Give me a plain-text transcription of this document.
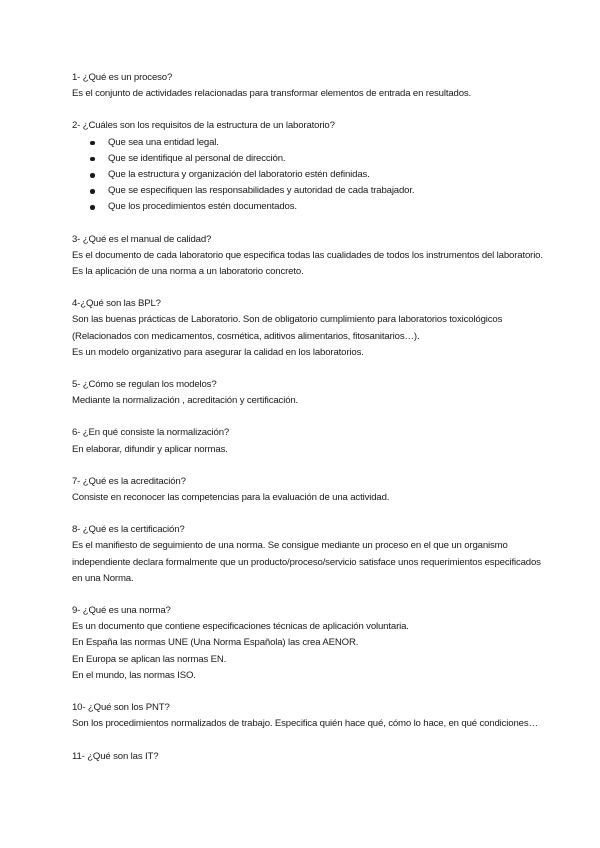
1- ¿Qué es un proceso?

Es el conjunto de actividades relacionadas para transformar elementos de entrada en resultados.

2- ¿Cuáles son los requisitos de la estructura de un laboratorio?

Que sea una entidad legal.
Que se identifique al personal de dirección.
Que la estructura y organización del laboratorio estén definidas.
Que se especifiquen las responsabilidades y autoridad de cada trabajador.
Que los procedimientos estén documentados.

3- ¿Qué es el manual de calidad?

Es el documento de cada laboratorio que especifica todas las cualidades de todos los instrumentos del laboratorio.

Es la aplicación de una norma a un laboratorio concreto.

4-¿Qué son las BPL?

Son las buenas prácticas de Laboratorio. Son de obligatorio cumplimiento para laboratorios toxicológicos

(Relacionados con medicamentos, cosmética, aditivos alimentarios, fitosanitarios…).

Es un modelo organizativo para asegurar la calidad en los laboratorios.

5- ¿Cómo se regulan los modelos?

Mediante la normalización , acreditación y certificación.

6- ¿En qué consiste la normalización?

En elaborar, difundir y aplicar normas.

7- ¿Qué es la acreditación?

Consiste en reconocer las competencias para la evaluación de una actividad.

8- ¿Qué es la certificación?

Es el manifiesto de seguimiento de una norma. Se consigue mediante un proceso en el que un organismo

independiente declara formalmente que un producto/proceso/servicio satisface unos requerimientos especificados

en una Norma.

9- ¿Qué es una norma?

Es un documento que contiene especificaciones técnicas de aplicación voluntaria.

En España las normas UNE (Una Norma Española) las crea AENOR.

En Europa se aplican las normas EN.

En el mundo, las normas ISO.

10- ¿Qué son los PNT?

Son los procedimientos normalizados de trabajo. Especifica quién hace qué, cómo lo hace, en qué condiciones…

11- ¿Qué son las IT?
